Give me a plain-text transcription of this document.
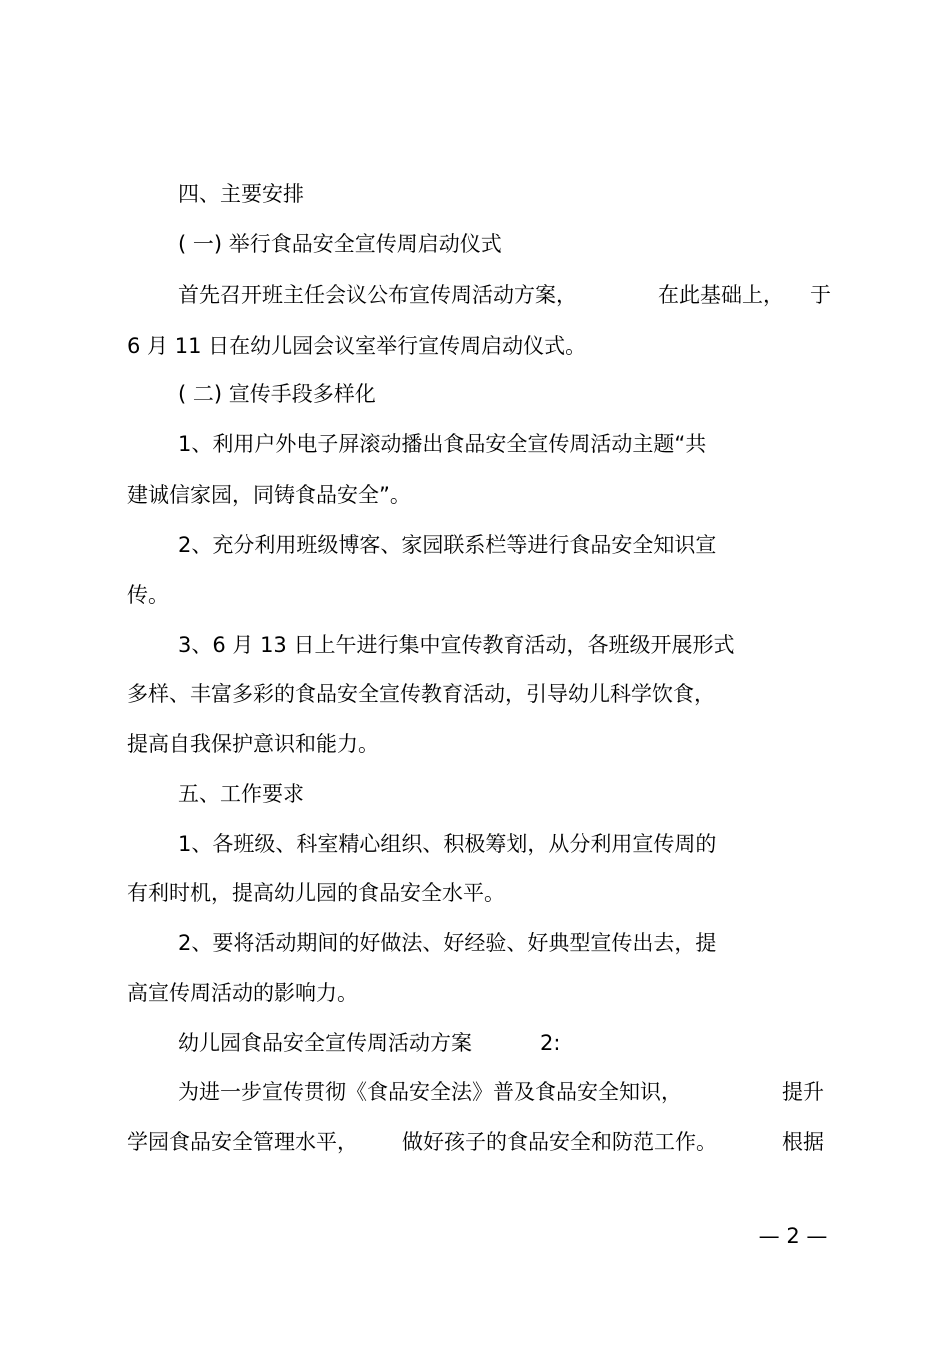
四、主要安排
( 一) 举行食品安全宣传周启动仪式
首先召开班主任会议公布宣传周活动方案，	在此基础上， 于
6 月 11 日在幼儿园会议室举行宣传周启动仪式。
( 二) 宣传手段多样化
1、利用户外电子屏滚动播出食品安全宣传周活动主题“共
建诚信家园，同铸食品安全”。
2、充分利用班级博客、家园联系栏等进行食品安全知识宣
传。
3、6 月 13 日上午进行集中宣传教育活动，各班级开展形式
多样、丰富多彩的食品安全宣传教育活动，引导幼儿科学饮食，
提高自我保护意识和能力。
五、工作要求
1、各班级、科室精心组织、积极筹划，从分利用宣传周的
有利时机，提高幼儿园的食品安全水平。
2、要将活动期间的好做法、好经验、好典型宣传出去，提
高宣传周活动的影响力。
幼儿园食品安全宣传周活动方案	2:
为进一步宣传贯彻《食品安全法》普及食品安全知识，	提升
学园食品安全管理水平， 做好孩子的食品安全和防范工作。	根据
— 2 —
